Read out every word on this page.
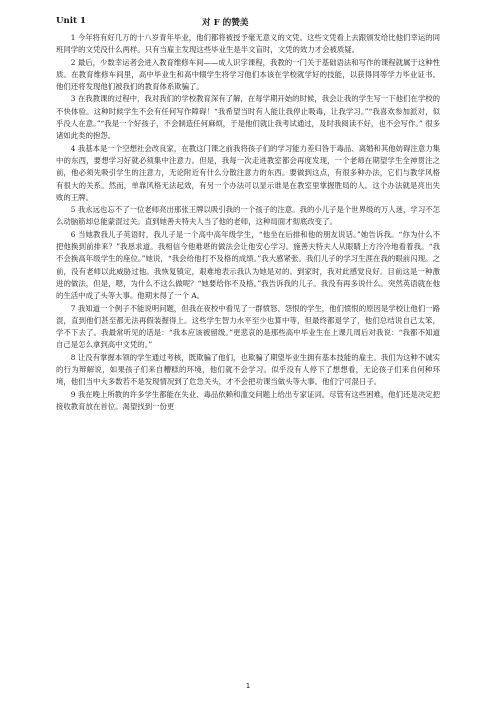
Unit 1	对 F 的赞美

1 今年将有好几万的十八岁青年毕业，他们都将被授予毫无意义的文凭。这些文凭看上去跟颁发给比他们幸运的同班同学的文凭没什么两样。只有当雇主发现这些毕业生是半文盲时，文凭的效力才会被质疑。

2 最后，少数幸运者会进入教育维修车间——成人识字课程，我教的一门关于基础语法和写作的课程就属于这种性质。在教育维修车间里，高中毕业生和高中辍学生将学习他们本该在学校就学好的技能，以获得同等学力毕业证书。他们还将发现他们被我们的教育体系欺骗了。

3 在我教课的过程中，我对我们的学校教育深有了解，在每学期开始的时候，我会让我的学生写一下他们在学校的不快体验。这种时候学生不会有任何写作障碍！“我希望当时有人能让我停止吸毒，让我学习。”“我喜欢参加派对，似乎没人在意。”“我是一个好孩子，不会制造任何麻烦，于是他们就让我考试通过，及时我阅读不好，也不会写作。” 很多诸如此类的抱怨。

4 我基本是一个空想社会改良家，在教这门课之前我将孩子们的学习能力差归咎于毒品、离婚和其他妨碍注意力集中的东西，要想学习好就必须集中注意力。但是，我每一次走进教室都会再度发现，一个老师在期望学生全神贯注之前，他必须先吸引学生的注意力，无论附近有什么分散注意力的东西。要做到这点，有很多种办法，它们与教学风格有很大的关系。然而，单靠风格无法起效，有另一个办法可以显示谁是在教室里掌握胜局的人。这个办法就是亮出失败的王牌。

5 我永远也忘不了一位老师亮出那张王牌以吸引我的一个孩子的注意。我的小儿子是个世界级的万人迷，学习不怎么动脑筋却总能蒙混过关。直到她善夫特夫人当了他的老师，这种局面才彻底改变了。

6 当她教我儿子英语时，我儿子是一个高中高年级学生，“他坐在后排和他的朋友说话。”她告诉我。“你为什么不把他换到前排来？”我恳求道。我相信今他难堪的做法会让他安心学习。施善夫特夫人从眼睛上方冷冷地看着我。“我不会换高年级学生的座位。”她说，“我会给他打不及格的成绩。”我大感紧张。我们儿子的学习生涯在我的眼前闪现。之前，没有老师以此威胁过他。我恢复镇定，艰难地表示我认为她是对的。到家时，我对此感觉良好。目前这是一种激进的做法，但是，嗯，为什么不这么做呢？“她要给你不及格。”我告诉我的儿子。我没有再多说什么。突然英语就在他的生活中成了头等大事。他期末得了一个 A。

7 我知道一个例子不能说明问题，但我在夜校中看见了一群愤怒、怨恨的学生，他们愤恨的原因是学校让他们一路混，直到他们甚至都无法再假装握得上。这些学生智力水平至少也算中等，但最终都退学了，他们总结说自己太笨，学不下去了。我最常听见的话是：“我本应该被留级。”更悲哀的是那些高中毕业生在上课几周后对我说：“我都不知道自己是怎么拿到高中文凭的。”

8 让没有掌握本领的学生通过考核，既欺骗了他们，也欺骗了期望毕业生拥有基本技能的雇主。我们为这种不诚实的行为辩解说，如果孩子们来自糟糕的环境，他们就不会学习。似乎没有人停下了想想看，无论孩子们来自何种环境，他们当中大多数若不是发现情况到了危急关头，才不会把功课当做头等大事。他们宁可混日子。

9 我在晚上所教的许多学生都能在失业、毒品依赖和滥交问题上给出专家证词。尽管有这些困难，他们还是决定把接收教育放在首位。渴望找到一份更

1
